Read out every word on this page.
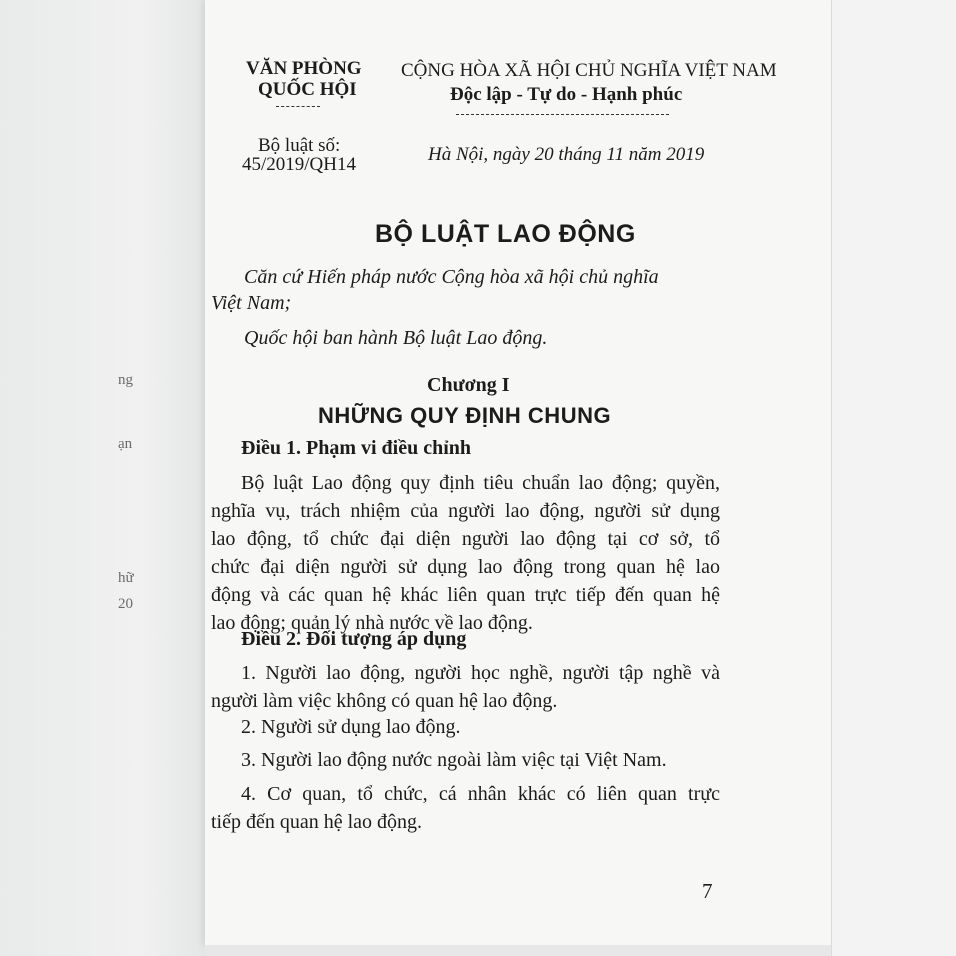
ng
ạn
hữ
20
VĂN PHÒNG
QUỐC HỘI
CỘNG HÒA XÃ HỘI CHỦ NGHĨA VIỆT NAM
Độc lập - Tự do - Hạnh phúc
Bộ luật số:
45/2019/QH14	Hà Nội, ngày 20 tháng 11 năm 2019
BỘ LUẬT LAO ĐỘNG
Căn cứ Hiến pháp nước Cộng hòa xã hội chủ nghĩa
Việt Nam;
Quốc hội ban hành Bộ luật Lao động.
Chương I
NHỮNG QUY ĐỊNH CHUNG
Điều 1. Phạm vi điều chỉnh
Bộ luật Lao động quy định tiêu chuẩn lao động; quyền,
nghĩa vụ, trách nhiệm của người lao động, người sử dụng
lao động, tổ chức đại diện người lao động tại cơ sở, tổ
chức đại diện người sử dụng lao động trong quan hệ lao
động và các quan hệ khác liên quan trực tiếp đến quan hệ
lao động; quản lý nhà nước về lao động.
Điều 2. Đối tượng áp dụng
1. Người lao động, người học nghề, người tập nghề và
người làm việc không có quan hệ lao động.
2. Người sử dụng lao động.
3. Người lao động nước ngoài làm việc tại Việt Nam.
4. Cơ quan, tổ chức, cá nhân khác có liên quan trực
tiếp đến quan hệ lao động.
7
